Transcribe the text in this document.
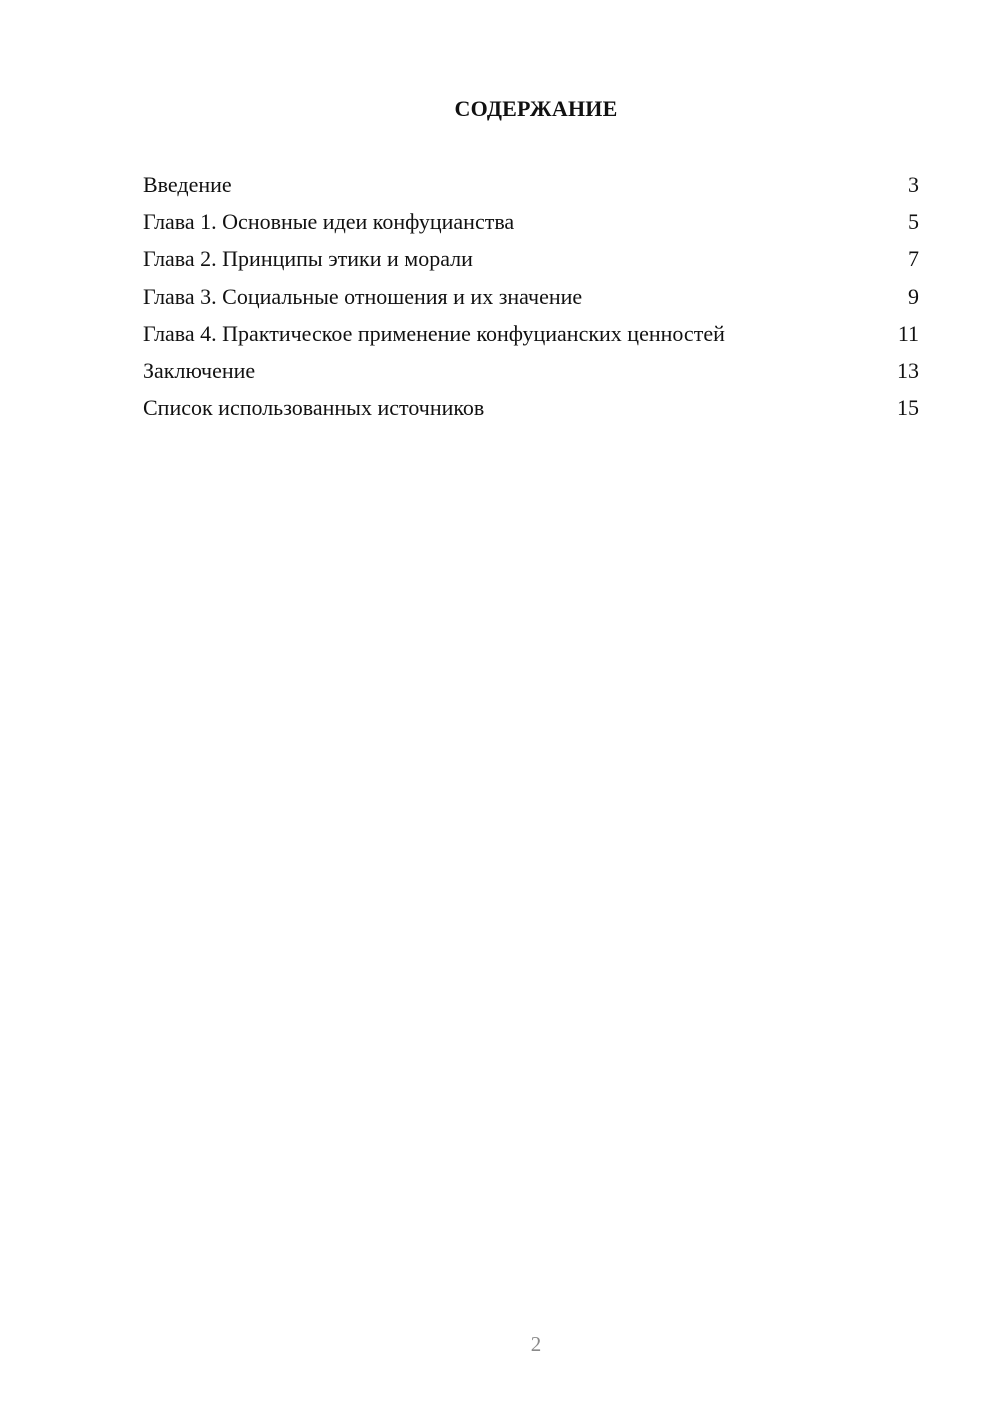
СОДЕРЖАНИЕ
Введение	3
Глава 1. Основные идеи конфуцианства	5
Глава 2. Принципы этики и морали	7
Глава 3. Социальные отношения и их значение	9
Глава 4. Практическое применение конфуцианских ценностей	11
Заключение	13
Список использованных источников	15
2
